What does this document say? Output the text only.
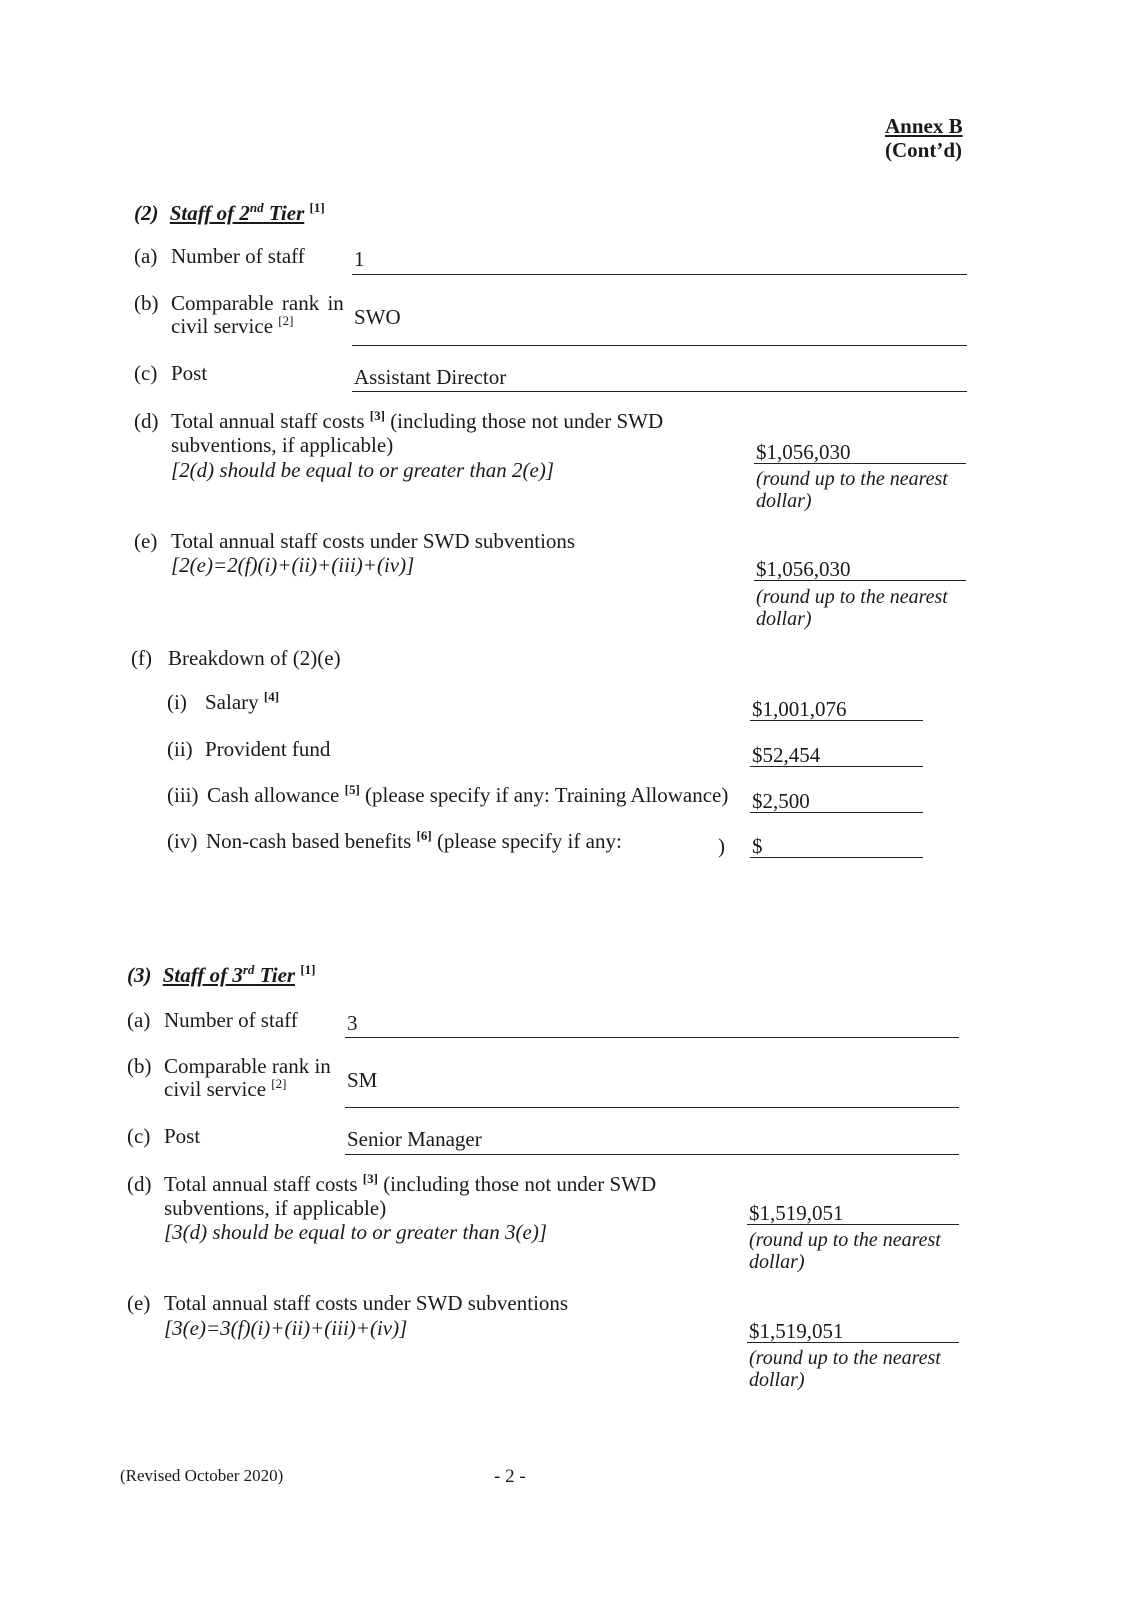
Annex B
(Cont’d)
(2) Staff of 2nd Tier [1]
(a) Number of staff 1
(b) Comparable rank in
civil service [2]	SWO
(c) Post	Assistant Director
(d) Total annual staff costs [3] (including those not under SWD
subventions, if applicable)
[2(d) should be equal to or greater than 2(e)]
$1,056,030
(round up to the nearest dollar)
(e) Total annual staff costs under SWD subventions
[2(e)=2(f)(i)+(ii)+(iii)+(iv)]	$1,056,030
(round up to the nearest dollar)
(f) Breakdown of (2)(e)
(i) Salary [4]
$1,001,076
(ii) Provident fund	$52,454
(iii) Cash allowance [5] (please specify if any: Training Allowance) $2,500
(iv) Non-cash based benefits [6] (please specify if any:	) $
(3) Staff of 3rd Tier [1]
(a) Number of staff 3
(b) Comparable rank in
civil service [2]	SM
(c) Post	Senior Manager
(d) Total annual staff costs [3] (including those not under SWD
subventions, if applicable)
[3(d) should be equal to or greater than 3(e)]
$1,519,051
(round up to the nearest dollar)
(e) Total annual staff costs under SWD subventions
[3(e)=3(f)(i)+(ii)+(iii)+(iv)]	$1,519,051
(round up to the nearest dollar)
(Revised October 2020)	- 2 -
